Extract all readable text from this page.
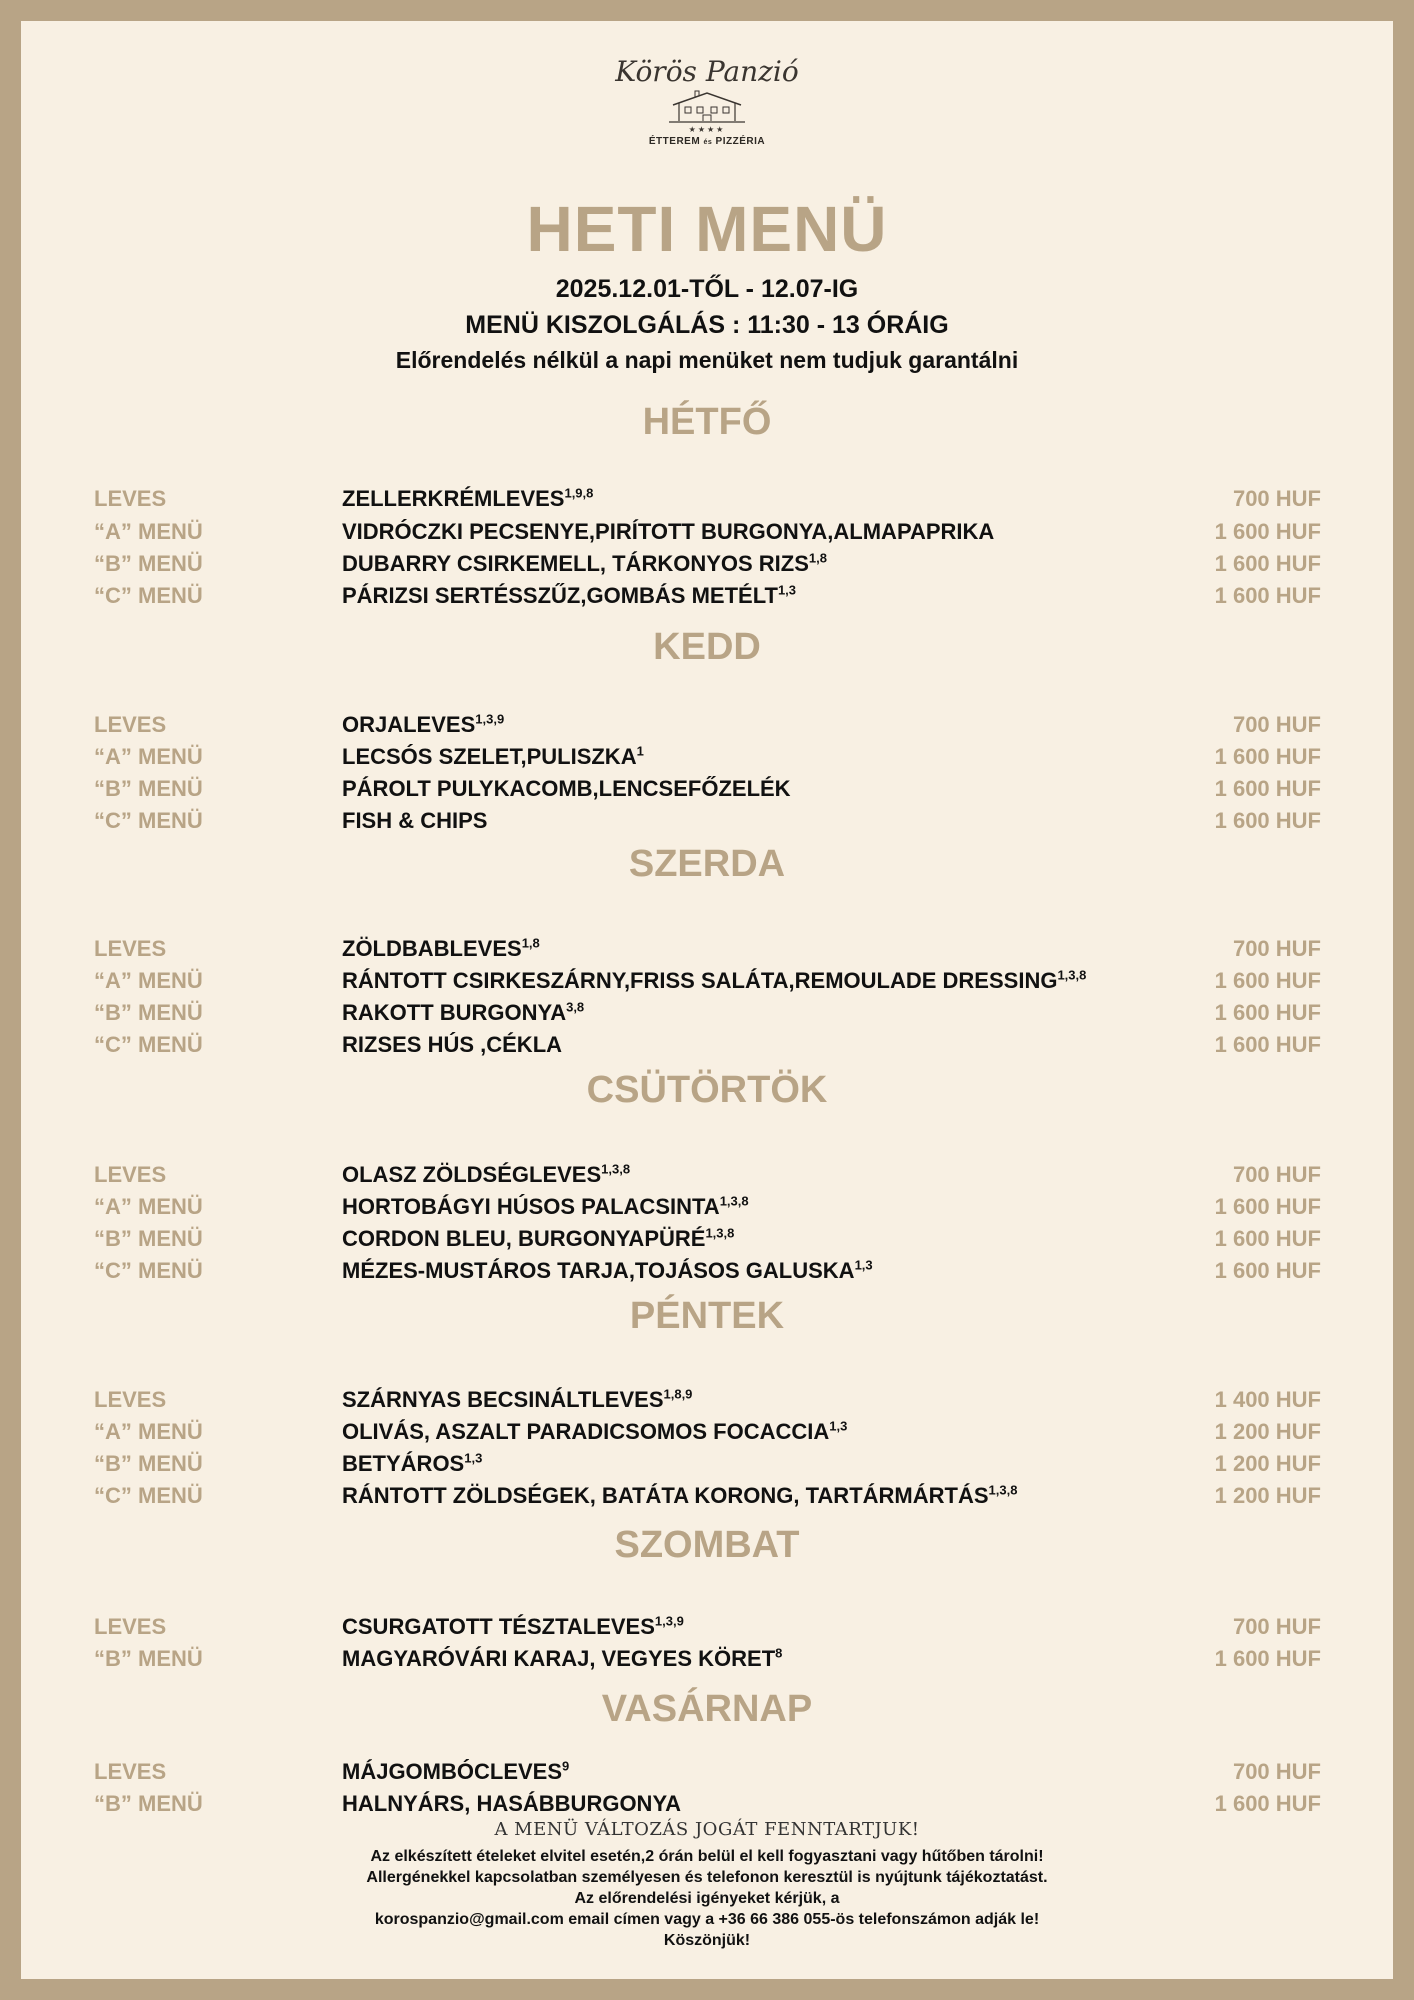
Körös Panzió
★★★★
ÉTTEREM és PIZZÉRIA
HETI MENÜ
2025.12.01-TŐL - 12.07-IG
MENÜ KISZOLGÁLÁS : 11:30 - 13 ÓRÁIG
Előrendelés nélkül a napi menüket nem tudjuk garantálni
HÉTFŐ
LEVES	ZELLERKRÉMLEVES$^{1,9,8}$	700 HUF
“A” MENÜ	VIDRÓCZKI PECSENYE,PIRÍTOTT BURGONYA,ALMAPAPRIKA	1 600 HUF
“B” MENÜ	DUBARRY CSIRKEMELL, TÁRKONYOS RIZS$^{1,8}$	1 600 HUF
“C” MENÜ	PÁRIZSI SERTÉSSZŰZ,GOMBÁS METÉLT$^{1,3}$	1 600 HUF
KEDD
LEVES	ORJALEVES$^{1,3,9}$	700 HUF
“A” MENÜ	LECSÓS SZELET,PULISZKA$^1$	1 600 HUF
“B” MENÜ	PÁROLT PULYKACOMB,LENCSEFŐZELÉK	1 600 HUF
“C” MENÜ	FISH & CHIPS	1 600 HUF
SZERDA
LEVES	ZÖLDBABLEVES$^{1,8}$	700 HUF
“A” MENÜ	RÁNTOTT CSIRKESZÁRNY,FRISS SALÁTA,REMOULADE DRESSING$^{1,3,8}$	1 600 HUF
“B” MENÜ	RAKOTT BURGONYA$^{3,8}$	1 600 HUF
“C” MENÜ	RIZSES HÚS ,CÉKLA	1 600 HUF
CSÜTÖRTÖK
LEVES	OLASZ ZÖLDSÉGLEVES$^{1,3,8}$	700 HUF
“A” MENÜ	HORTOBÁGYI HÚSOS PALACSINTA$^{1,3,8}$	1 600 HUF
“B” MENÜ	CORDON BLEU, BURGONYAPÜRÉ$^{1,3,8}$	1 600 HUF
“C” MENÜ	MÉZES-MUSTÁROS TARJA,TOJÁSOS GALUSKA$^{1,3}$	1 600 HUF
PÉNTEK
LEVES	SZÁRNYAS BECSINÁLTLEVES$^{1,8,9}$	1 400 HUF
“A” MENÜ	OLIVÁS, ASZALT PARADICSOMOS FOCACCIA$^{1,3}$	1 200 HUF
“B” MENÜ	BETYÁROS$^{1,3}$	1 200 HUF
“C” MENÜ	RÁNTOTT ZÖLDSÉGEK, BATÁTA KORONG, TARTÁRMÁRTÁS$^{1,3,8}$	1 200 HUF
SZOMBAT
LEVES	CSURGATOTT TÉSZTALEVES$^{1,3,9}$	700 HUF
“B” MENÜ	MAGYARÓVÁRI KARAJ, VEGYES KÖRET$^8$	1 600 HUF
VASÁRNAP
LEVES	MÁJGOMBÓCLEVES$^9$	700 HUF
“B” MENÜ	HALNYÁRS, HASÁBBURGONYA	1 600 HUF
A MENÜ VÁLTOZÁS JOGÁT FENNTARTJUK!
Az elkészített ételeket elvitel esetén,2 órán belül el kell fogyasztani vagy hűtőben tárolni!
Allergénekkel kapcsolatban személyesen és telefonon keresztül is nyújtunk tájékoztatást.
Az előrendelési igényeket kérjük, a
korospanzio@gmail.com email címen vagy a +36 66 386 055-ös telefonszámon adják le!
Köszönjük!
